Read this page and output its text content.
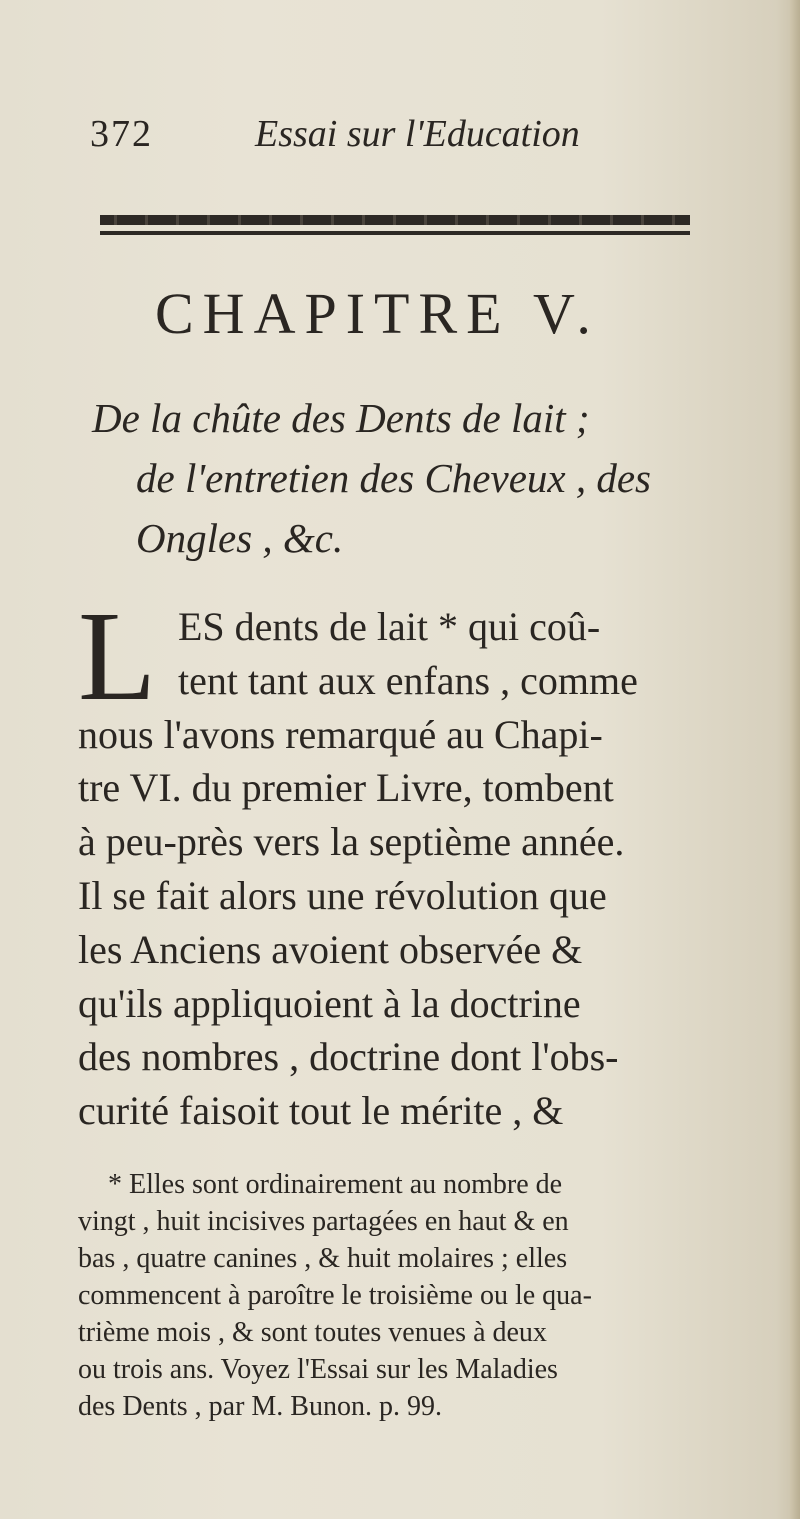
372	Essai sur l'Education
CHAPITRE V.
De la chûte des Dents de lait ;
de l'entretien des Cheveux , des
Ongles , &c.
L ES dents de lait * qui coû-
tent tant aux enfans , comme
nous l'avons remarqué au Chapi-
tre VI. du premier Livre, tombent
à peu-près vers la septième année.
Il se fait alors une révolution que
les Anciens avoient observée &
qu'ils appliquoient à la doctrine
des nombres , doctrine dont l'obs-
curité faisoit tout le mérite , &
* Elles sont ordinairement au nombre de
vingt , huit incisives partagées en haut & en
bas , quatre canines , & huit molaires ; elles
commencent à paroître le troisième ou le qua-
trième mois , & sont toutes venues à deux
ou trois ans. Voyez l'Essai sur les Maladies
des Dents , par M. Bunon. p. 99.
